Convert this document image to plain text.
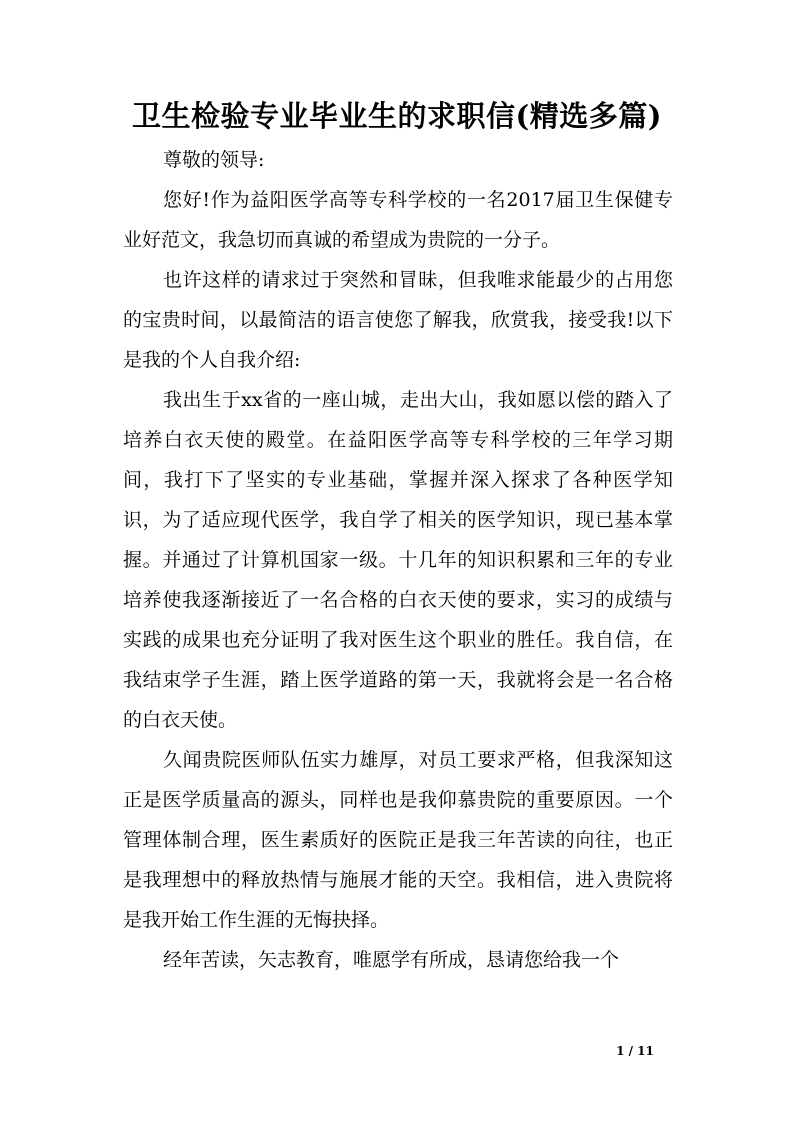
卫生检验专业毕业生的求职信(精选多篇)

尊敬的领导:

您好!作为益阳医学高等专科学校的一名2017届卫生保健专业好范文，我急切而真诚的希望成为贵院的一分子。

也许这样的请求过于突然和冒昧，但我唯求能最少的占用您的宝贵时间，以最简洁的语言使您了解我，欣赏我，接受我!以下是我的个人自我介绍:

我出生于xx省的一座山城，走出大山，我如愿以偿的踏入了培养白衣天使的殿堂。在益阳医学高等专科学校的三年学习期间，我打下了坚实的专业基础，掌握并深入探求了各种医学知识，为了适应现代医学，我自学了相关的医学知识，现已基本掌握。并通过了计算机国家一级。十几年的知识积累和三年的专业培养使我逐渐接近了一名合格的白衣天使的要求，实习的成绩与实践的成果也充分证明了我对医生这个职业的胜任。我自信，在我结束学子生涯，踏上医学道路的第一天，我就将会是一名合格的白衣天使。

久闻贵院医师队伍实力雄厚，对员工要求严格，但我深知这正是医学质量高的源头，同样也是我仰慕贵院的重要原因。一个管理体制合理，医生素质好的医院正是我三年苦读的向往，也正是我理想中的释放热情与施展才能的天空。我相信，进入贵院将是我开始工作生涯的无悔抉择。

经年苦读，矢志教育，唯愿学有所成，恳请您给我一个

1 / 11
